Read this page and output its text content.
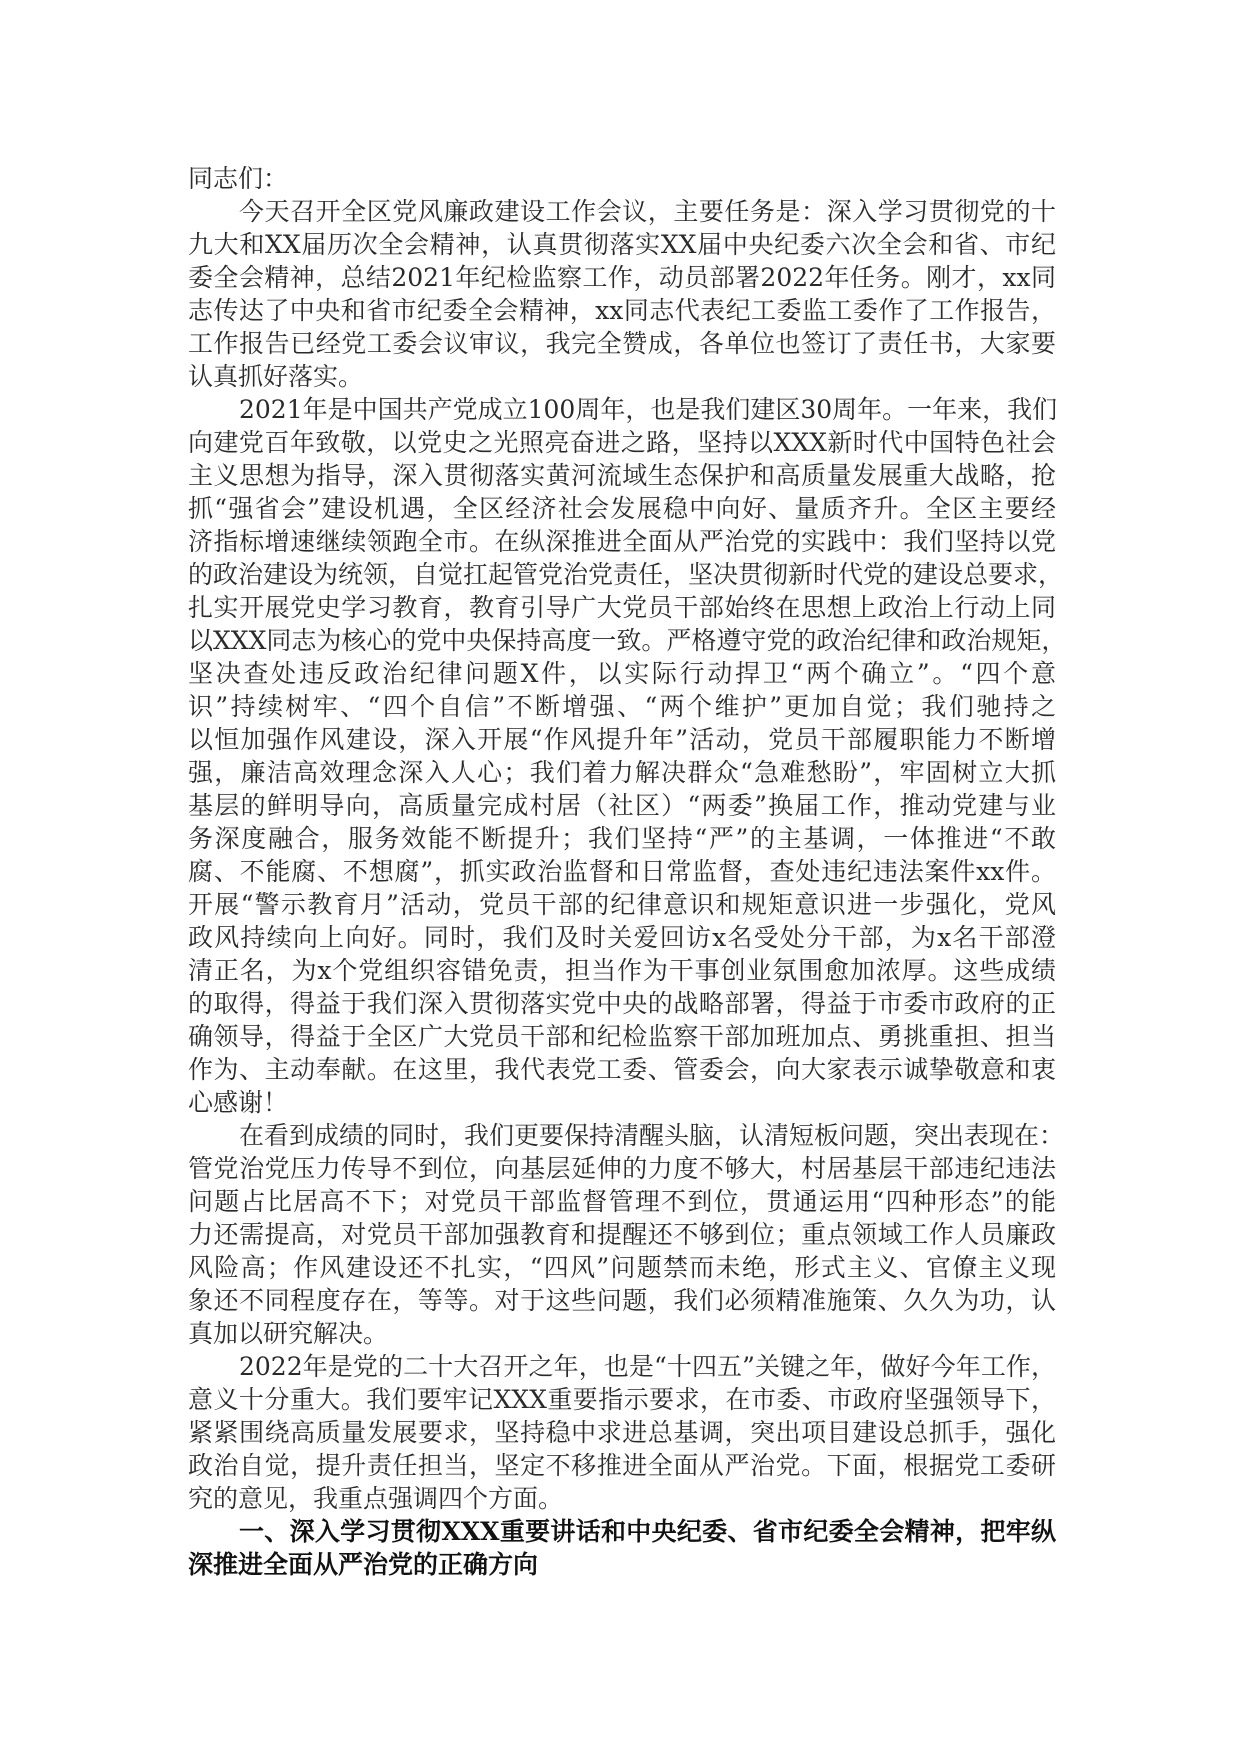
同志们：
今天召开全区党风廉政建设工作会议，主要任务是：深入学习贯彻党的十
九大和XX届历次全会精神，认真贯彻落实XX届中央纪委六次全会和省、市纪
委全会精神，总结2021年纪检监察工作，动员部署2022年任务。刚才，xx同
志传达了中央和省市纪委全会精神，xx同志代表纪工委监工委作了工作报告，
工作报告已经党工委会议审议，我完全赞成，各单位也签订了责任书，大家要
认真抓好落实。
2021年是中国共产党成立100周年，也是我们建区30周年。一年来，我们
向建党百年致敬，以党史之光照亮奋进之路，坚持以XXX新时代中国特色社会
主义思想为指导，深入贯彻落实黄河流域生态保护和高质量发展重大战略，抢
抓“强省会”建设机遇，全区经济社会发展稳中向好、量质齐升。全区主要经
济指标增速继续领跑全市。在纵深推进全面从严治党的实践中：我们坚持以党
的政治建设为统领，自觉扛起管党治党责任，坚决贯彻新时代党的建设总要求，
扎实开展党史学习教育，教育引导广大党员干部始终在思想上政治上行动上同
以XXX同志为核心的党中央保持高度一致。严格遵守党的政治纪律和政治规矩，
坚决查处违反政治纪律问题X件，以实际行动捍卫“两个确立”。“四个意
识”持续树牢、“四个自信”不断增强、“两个维护”更加自觉；我们驰持之
以恒加强作风建设，深入开展“作风提升年”活动，党员干部履职能力不断增
强，廉洁高效理念深入人心；我们着力解决群众“急难愁盼”，牢固树立大抓
基层的鲜明导向，高质量完成村居（社区）“两委”换届工作，推动党建与业
务深度融合，服务效能不断提升；我们坚持“严”的主基调，一体推进“不敢
腐、不能腐、不想腐”，抓实政治监督和日常监督，查处违纪违法案件xx件。
开展“警示教育月”活动，党员干部的纪律意识和规矩意识进一步强化，党风
政风持续向上向好。同时，我们及时关爱回访x名受处分干部，为x名干部澄
清正名，为x个党组织容错免责，担当作为干事创业氛围愈加浓厚。这些成绩
的取得，得益于我们深入贯彻落实党中央的战略部署，得益于市委市政府的正
确领导，得益于全区广大党员干部和纪检监察干部加班加点、勇挑重担、担当
作为、主动奉献。在这里，我代表党工委、管委会，向大家表示诚挚敬意和衷
心感谢！
在看到成绩的同时，我们更要保持清醒头脑，认清短板问题，突出表现在：
管党治党压力传导不到位，向基层延伸的力度不够大，村居基层干部违纪违法
问题占比居高不下；对党员干部监督管理不到位，贯通运用“四种形态”的能
力还需提高，对党员干部加强教育和提醒还不够到位；重点领域工作人员廉政
风险高；作风建设还不扎实，“四风”问题禁而未绝，形式主义、官僚主义现
象还不同程度存在，等等。对于这些问题，我们必须精准施策、久久为功，认
真加以研究解决。
2022年是党的二十大召开之年，也是“十四五”关键之年，做好今年工作，
意义十分重大。我们要牢记XXX重要指示要求，在市委、市政府坚强领导下，
紧紧围绕高质量发展要求，坚持稳中求进总基调，突出项目建设总抓手，强化
政治自觉，提升责任担当，坚定不移推进全面从严治党。下面，根据党工委研
究的意见，我重点强调四个方面。
一、深入学习贯彻XXX重要讲话和中央纪委、省市纪委全会精神，把牢纵
深推进全面从严治党的正确方向
